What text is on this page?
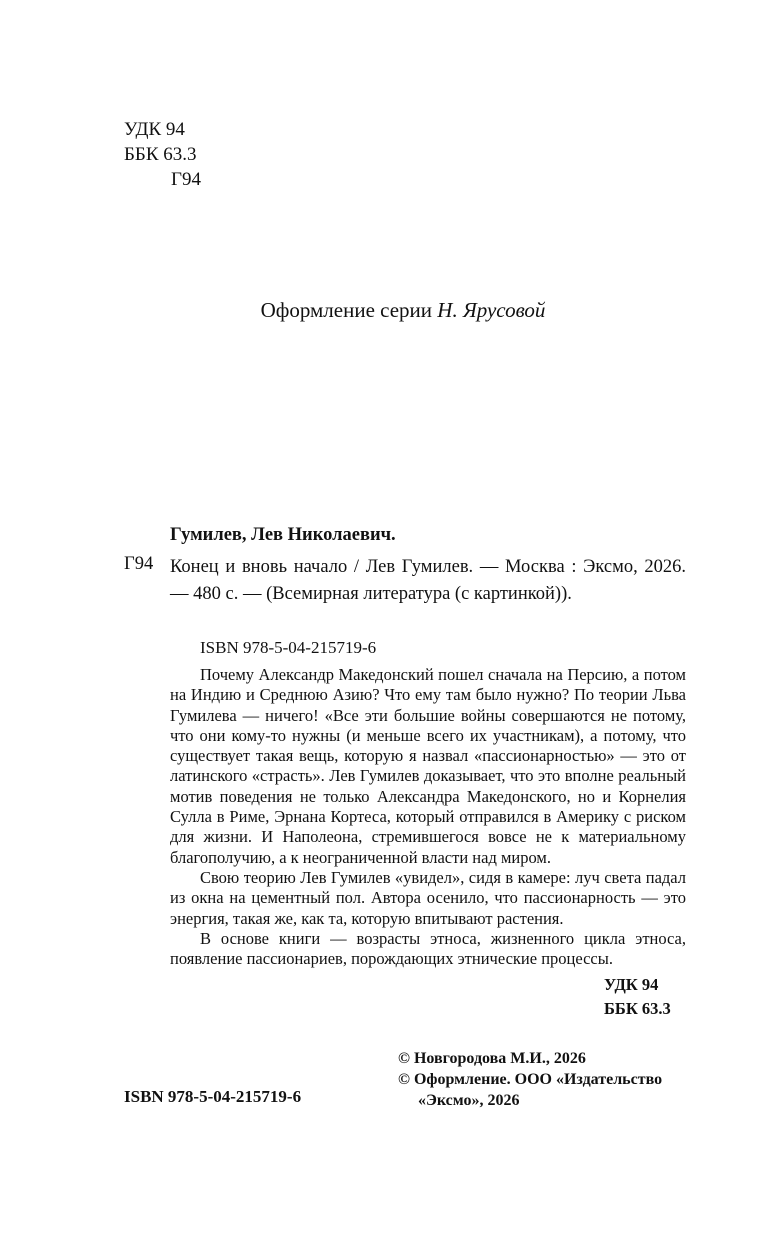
УДК 94
ББК 63.3
Г94
Оформление серии Н. Ярусовой
Гумилев, Лев Николаевич.
Г94 Конец и вновь начало / Лев Гумилев. — Москва : Эксмо, 2026. — 480 с. — (Всемирная литература (с картинкой)).
ISBN 978-5-04-215719-6

Почему Александр Македонский пошел сначала на Персию, а потом на Индию и Среднюю Азию? Что ему там было нужно? По теории Льва Гумилева — ничего! «Все эти большие войны совершаются не потому, что они кому-то нужны (и меньше всего их участникам), а потому, что существует такая вещь, которую я назвал «пассионарностью» — это от латинского «страсть». Лев Гумилев доказывает, что это вполне реальный мотив поведения не только Александра Македонского, но и Корнелия Сулла в Риме, Эрнана Кортеса, который отправился в Америку с риском для жизни. И Наполеона, стремившегося вовсе не к материальному благополучию, а к неограниченной власти над миром.

Свою теорию Лев Гумилев «увидел», сидя в камере: луч света падал из окна на цементный пол. Автора осенило, что пассионарность — это энергия, такая же, как та, которую впитывают растения.

В основе книги — возрасты этноса, жизненного цикла этноса, появление пассионариев, порождающих этнические процессы.

УДК 94
ББК 63.3
© Новгородова М.И., 2026
© Оформление. ООО «Издательство
«Эксмо», 2026
ISBN 978-5-04-215719-6
